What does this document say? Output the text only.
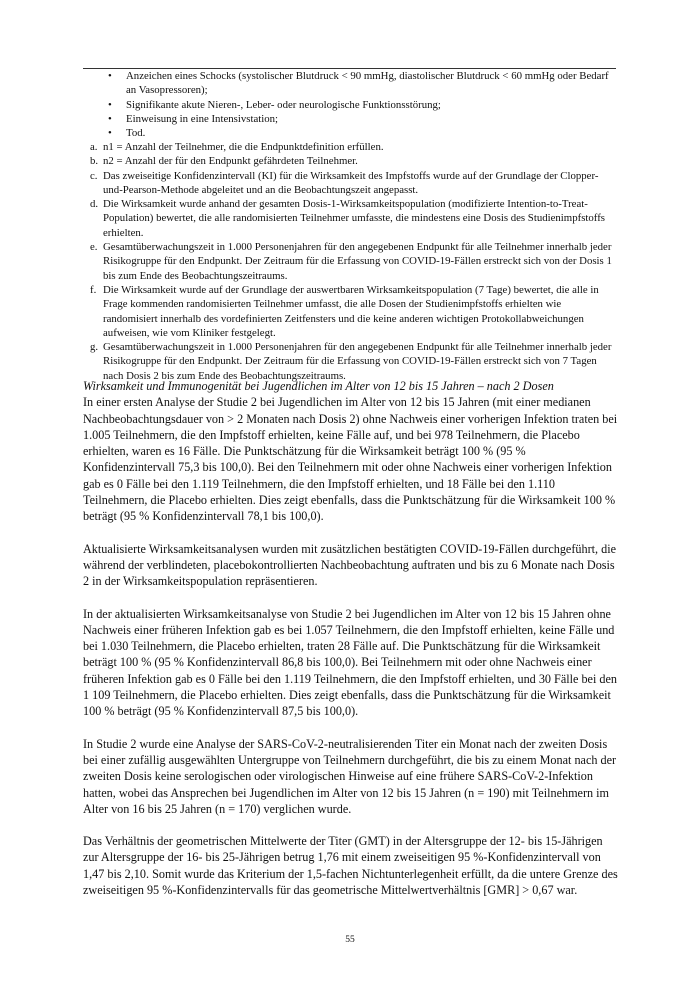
• Anzeichen eines Schocks (systolischer Blutdruck < 90 mmHg, diastolischer Blutdruck < 60 mmHg oder Bedarf an Vasopressoren);
• Signifikante akute Nieren-, Leber- oder neurologische Funktionsstörung;
• Einweisung in eine Intensivstation;
• Tod.
a. n1 = Anzahl der Teilnehmer, die die Endpunktdefinition erfüllen.
b. n2 = Anzahl der für den Endpunkt gefährdeten Teilnehmer.
c. Das zweiseitige Konfidenzintervall (KI) für die Wirksamkeit des Impfstoffs wurde auf der Grundlage der Clopper-und-Pearson-Methode abgeleitet und an die Beobachtungszeit angepasst.
d. Die Wirksamkeit wurde anhand der gesamten Dosis-1-Wirksamkeitspopulation (modifizierte Intention-to-Treat-Population) bewertet, die alle randomisierten Teilnehmer umfasste, die mindestens eine Dosis des Studienimpfstoffs erhielten.
e. Gesamtüberwachungszeit in 1.000 Personenjahren für den angegebenen Endpunkt für alle Teilnehmer innerhalb jeder Risikogruppe für den Endpunkt. Der Zeitraum für die Erfassung von COVID-19-Fällen erstreckt sich von der Dosis 1 bis zum Ende des Beobachtungszeitraums.
f. Die Wirksamkeit wurde auf der Grundlage der auswertbaren Wirksamkeitspopulation (7 Tage) bewertet, die alle in Frage kommenden randomisierten Teilnehmer umfasst, die alle Dosen der Studienimpfstoffs erhielten wie randomisiert innerhalb des vordefinierten Zeitfensters und die keine anderen wichtigen Protokollabweichungen aufweisen, wie vom Kliniker festgelegt.
g. Gesamtüberwachungszeit in 1.000 Personenjahren für den angegebenen Endpunkt für alle Teilnehmer innerhalb jeder Risikogruppe für den Endpunkt. Der Zeitraum für die Erfassung von COVID-19-Fällen erstreckt sich von 7 Tagen nach Dosis 2 bis zum Ende des Beobachtungszeitraums.

Wirksamkeit und Immunogenität bei Jugendlichen im Alter von 12 bis 15 Jahren – nach 2 Dosen

In einer ersten Analyse der Studie 2 bei Jugendlichen im Alter von 12 bis 15 Jahren (mit einer medianen Nachbeobachtungsdauer von > 2 Monaten nach Dosis 2) ohne Nachweis einer vorherigen Infektion traten bei 1.005 Teilnehmern, die den Impfstoff erhielten, keine Fälle auf, und bei 978 Teilnehmern, die Placebo erhielten, waren es 16 Fälle. Die Punktschätzung für die Wirksamkeit beträgt 100 % (95 % Konfidenzintervall 75,3 bis 100,0). Bei den Teilnehmern mit oder ohne Nachweis einer vorherigen Infektion gab es 0 Fälle bei den 1.119 Teilnehmern, die den Impfstoff erhielten, und 18 Fälle bei den 1.110 Teilnehmern, die Placebo erhielten. Dies zeigt ebenfalls, dass die Punktschätzung für die Wirksamkeit 100 % beträgt (95 % Konfidenzintervall 78,1 bis 100,0).

Aktualisierte Wirksamkeitsanalysen wurden mit zusätzlichen bestätigten COVID-19-Fällen durchgeführt, die während der verblindeten, placebokontrollierten Nachbeobachtung auftraten und bis zu 6 Monate nach Dosis 2 in der Wirksamkeitspopulation repräsentieren.

In der aktualisierten Wirksamkeitsanalyse von Studie 2 bei Jugendlichen im Alter von 12 bis 15 Jahren ohne Nachweis einer früheren Infektion gab es bei 1.057 Teilnehmern, die den Impfstoff erhielten, keine Fälle und bei 1.030 Teilnehmern, die Placebo erhielten, traten 28 Fälle auf. Die Punktschätzung für die Wirksamkeit beträgt 100 % (95 % Konfidenzintervall 86,8 bis 100,0). Bei Teilnehmern mit oder ohne Nachweis einer früheren Infektion gab es 0 Fälle bei den 1.119 Teilnehmern, die den Impfstoff erhielten, und 30 Fälle bei den 1 109 Teilnehmern, die Placebo erhielten. Dies zeigt ebenfalls, dass die Punktschätzung für die Wirksamkeit 100 % beträgt (95 % Konfidenzintervall 87,5 bis 100,0).

In Studie 2 wurde eine Analyse der SARS-CoV-2-neutralisierenden Titer ein Monat nach der zweiten Dosis bei einer zufällig ausgewählten Untergruppe von Teilnehmern durchgeführt, die bis zu einem Monat nach der zweiten Dosis keine serologischen oder virologischen Hinweise auf eine frühere SARS-CoV-2-Infektion hatten, wobei das Ansprechen bei Jugendlichen im Alter von 12 bis 15 Jahren (n = 190) mit Teilnehmern im Alter von 16 bis 25 Jahren (n = 170) verglichen wurde.

Das Verhältnis der geometrischen Mittelwerte der Titer (GMT) in der Altersgruppe der 12- bis 15-Jährigen zur Altersgruppe der 16- bis 25-Jährigen betrug 1,76 mit einem zweiseitigen 95 %-Konfidenzintervall von 1,47 bis 2,10. Somit wurde das Kriterium der 1,5-fachen Nichtunterlegenheit erfüllt, da die untere Grenze des zweiseitigen 95 %-Konfidenzintervalls für das geometrische Mittelwertverhältnis [GMR] > 0,67 war.

55
